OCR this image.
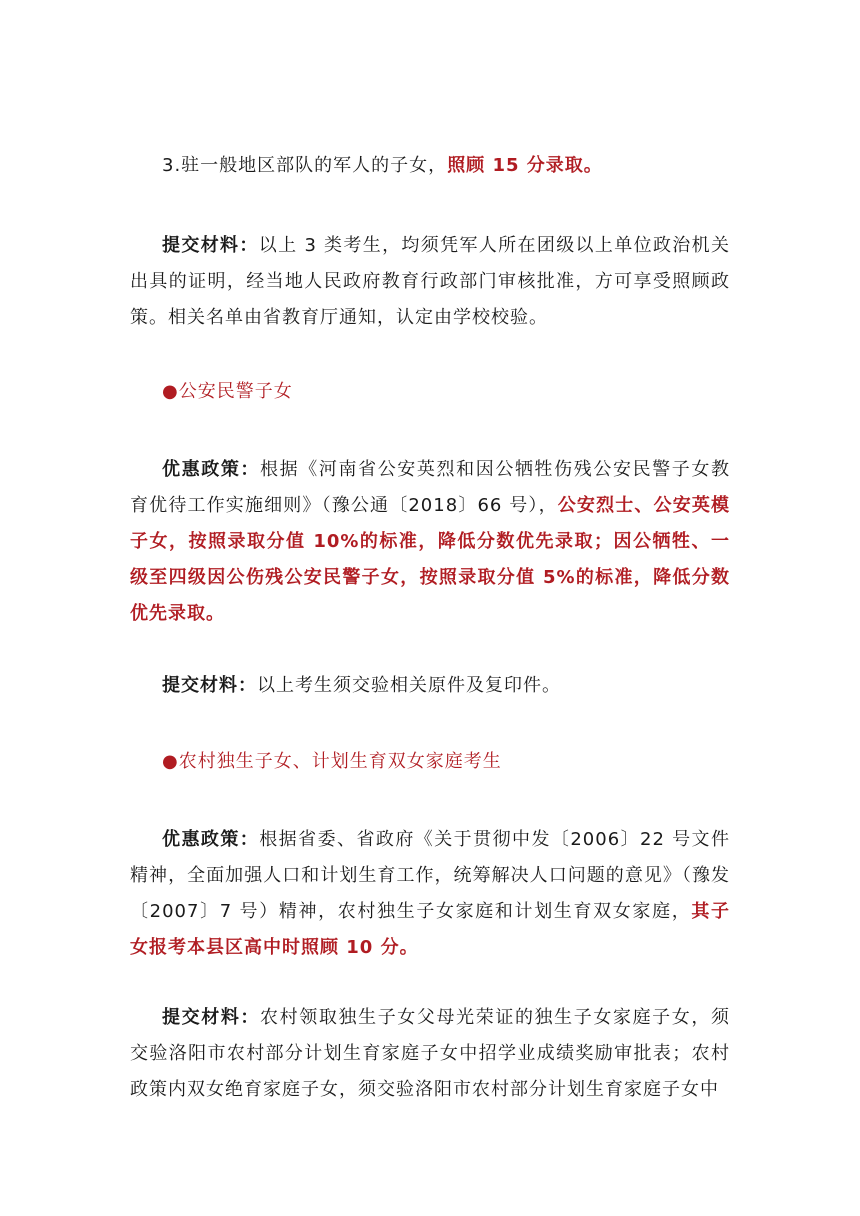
3.驻一般地区部队的军人的子女，照顾 15 分录取。
提交材料：以上 3 类考生，均须凭军人所在团级以上单位政治机关出具的证明，经当地人民政府教育行政部门审核批准，方可享受照顾政策。相关名单由省教育厅通知，认定由学校校验。
●公安民警子女
优惠政策：根据《河南省公安英烈和因公牺牲伤残公安民警子女教育优待工作实施细则》（豫公通〔2018〕66 号），公安烈士、公安英模子女，按照录取分值 10%的标准，降低分数优先录取；因公牺牲、一级至四级因公伤残公安民警子女，按照录取分值 5%的标准，降低分数优先录取。
提交材料：以上考生须交验相关原件及复印件。
●农村独生子女、计划生育双女家庭考生
优惠政策：根据省委、省政府《关于贯彻中发〔2006〕22 号文件精神，全面加强人口和计划生育工作，统筹解决人口问题的意见》（豫发〔2007〕7 号）精神，农村独生子女家庭和计划生育双女家庭，其子女报考本县区高中时照顾 10 分。
提交材料：农村领取独生子女父母光荣证的独生子女家庭子女，须交验洛阳市农村部分计划生育家庭子女中招学业成绩奖励审批表；农村政策内双女绝育家庭子女，须交验洛阳市农村部分计划生育家庭子女中
